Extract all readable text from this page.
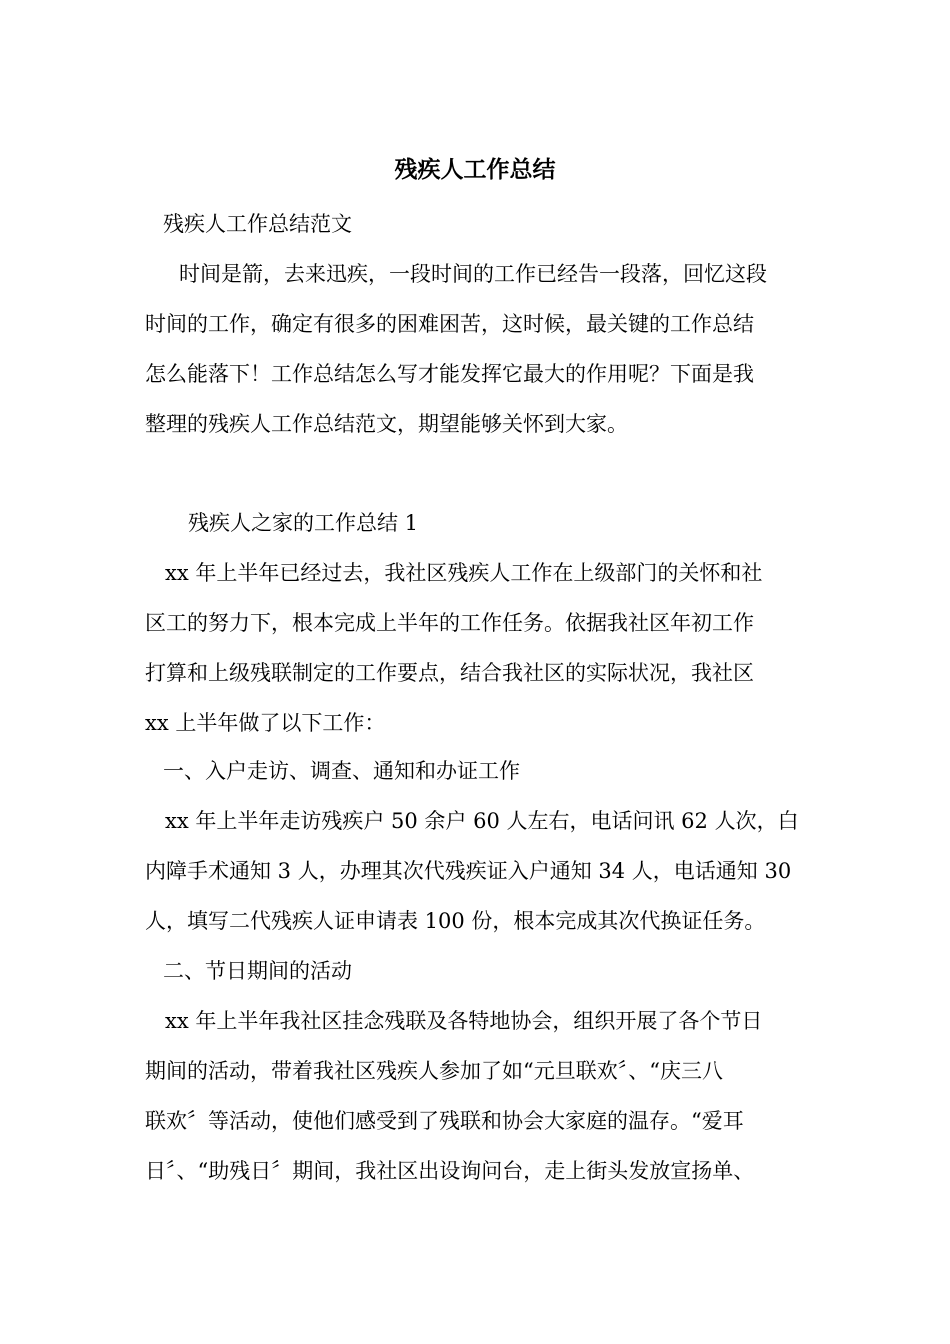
残疾人工作总结

残疾人工作总结范文

时间是箭，去来迅疾，一段时间的工作已经告一段落，回忆这段
时间的工作，确定有很多的困难困苦，这时候，最关键的工作总结
怎么能落下！工作总结怎么写才能发挥它最大的作用呢？下面是我
整理的残疾人工作总结范文，期望能够关怀到大家。

残疾人之家的工作总结 1

xx 年上半年已经过去，我社区残疾人工作在上级部门的关怀和社
区工的努力下，根本完成上半年的工作任务。依据我社区年初工作
打算和上级残联制定的工作要点，结合我社区的实际状况，我社区
xx 上半年做了以下工作：

一、入户走访、调查、通知和办证工作

xx 年上半年走访残疾户 50 余户 60 人左右，电话问讯 62 人次，白
内障手术通知 3 人，办理其次代残疾证入户通知 34 人，电话通知 30
人，填写二代残疾人证申请表 100 份，根本完成其次代换证任务。

二、节日期间的活动

xx 年上半年我社区挂念残联及各特地协会，组织开展了各个节日
期间的活动，带着我社区残疾人参加了如“元旦联欢〞、“庆三八
联欢〞等活动，使他们感受到了残联和协会大家庭的温存。“爱耳
日〞、“助残日〞期间，我社区出设询问台，走上街头发放宣扬单、
